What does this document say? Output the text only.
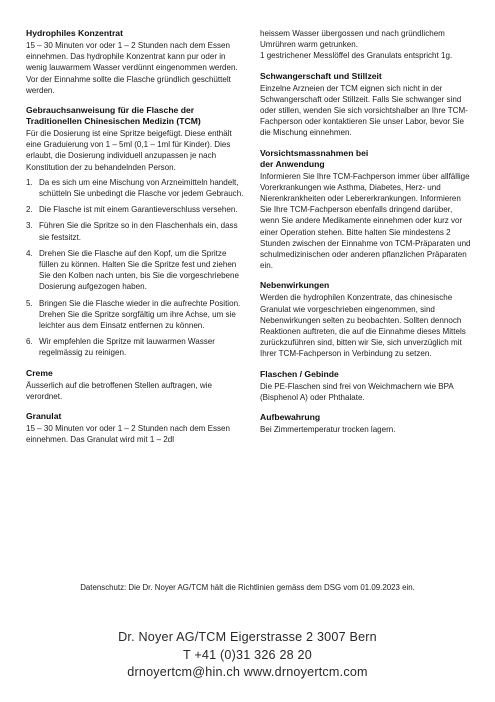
Hydrophiles Konzentrat

15 – 30 Minuten vor oder 1 – 2 Stunden nach dem Essen einnehmen. Das hydrophile Konzentrat kann pur oder in wenig lauwarmem Wasser verdünnt eingenommen werden.

Vor der Einnahme sollte die Flasche gründlich geschüttelt werden.

Gebrauchsanweisung für die Flasche der Traditionellen Chinesischen Medizin (TCM)

Für die Dosierung ist eine Spritze beigefügt. Diese enthält eine Graduierung von 1 – 5ml (0,1 – 1ml für Kinder). Dies erlaubt, die Dosierung individuell anzupassen je nach Konstitution der zu behandelnden Person.

1. Da es sich um eine Mischung von Arzneimitteln handelt, schütteln Sie unbedingt die Flasche vor jedem Gebrauch.
2. Die Flasche ist mit einem Garantieverschluss versehen.
3. Führen Sie die Spritze so in den Flaschenhals ein, dass sie festsitzt.
4. Drehen Sie die Flasche auf den Kopf, um die Spritze füllen zu können. Halten Sie die Spritze fest und ziehen Sie den Kolben nach unten, bis Sie die vorgeschriebene Dosierung aufgezogen haben.
5. Bringen Sie die Flasche wieder in die aufrechte Position. Drehen Sie die Spritze sorgfältig um ihre Achse, um sie leichter aus dem Einsatz entfernen zu können.
6. Wir empfehlen die Spritze mit lauwarmen Wasser regelmässig zu reinigen.
Creme

Äusserlich auf die betroffenen Stellen auftragen, wie verordnet.

Granulat

15 – 30 Minuten vor oder 1 – 2 Stunden nach dem Essen einnehmen. Das Granulat wird mit 1 – 2dl

heissem Wasser übergossen und nach gründlichem Umrühren warm getrunken.

1 gestrichener Messlöffel des Granulats entspricht 1g.

Schwangerschaft und Stillzeit

Einzelne Arzneien der TCM eignen sich nicht in der Schwangerschaft oder Stillzeit. Falls Sie schwanger sind oder stillen, wenden Sie sich vorsichtshalber an Ihre TCM-Fachperson oder kontaktieren Sie unser Labor, bevor Sie die Mischung einnehmen.

Vorsichtsmassnahmen bei
der Anwendung

Informieren Sie Ihre TCM-Fachperson immer über allfällige Vorerkrankungen wie Asthma, Diabetes, Herz- und Nierenkrankheiten oder Lebererkrankungen. Informieren Sie Ihre TCM-Fachperson ebenfalls dringend darüber, wenn Sie andere Medikamente einnehmen oder kurz vor einer Operation stehen. Bitte halten Sie mindestens 2 Stunden zwischen der Einnahme von TCM-Präparaten und schulmedizinischen oder anderen pflanzlichen Präparaten ein.

Nebenwirkungen

Werden die hydrophilen Konzentrate, das chinesische Granulat wie vorgeschrieben eingenommen, sind Nebenwirkungen selten zu beobachten. Sollten dennoch Reaktionen auftreten, die auf die Einnahme dieses Mittels zurückzuführen sind, bitten wir Sie, sich unverzüglich mit Ihrer TCM-Fachperson in Verbindung zu setzen.

Flaschen / Gebinde

Die PE-Flaschen sind frei von Weichmachern wie BPA (Bisphenol A) oder Phthalate.

Aufbewahrung

Bei Zimmertemperatur trocken lagern.

Datenschutz: Die Dr. Noyer AG/TCM hält die Richtlinien gemäss dem DSG vom 01.09.2023 ein.
Dr. Noyer AG/TCM Eigerstrasse 2 3007 Bern
T +41 (0)31 326 28 20
drnoyertcm@hin.ch www.drnoyertcm.com
